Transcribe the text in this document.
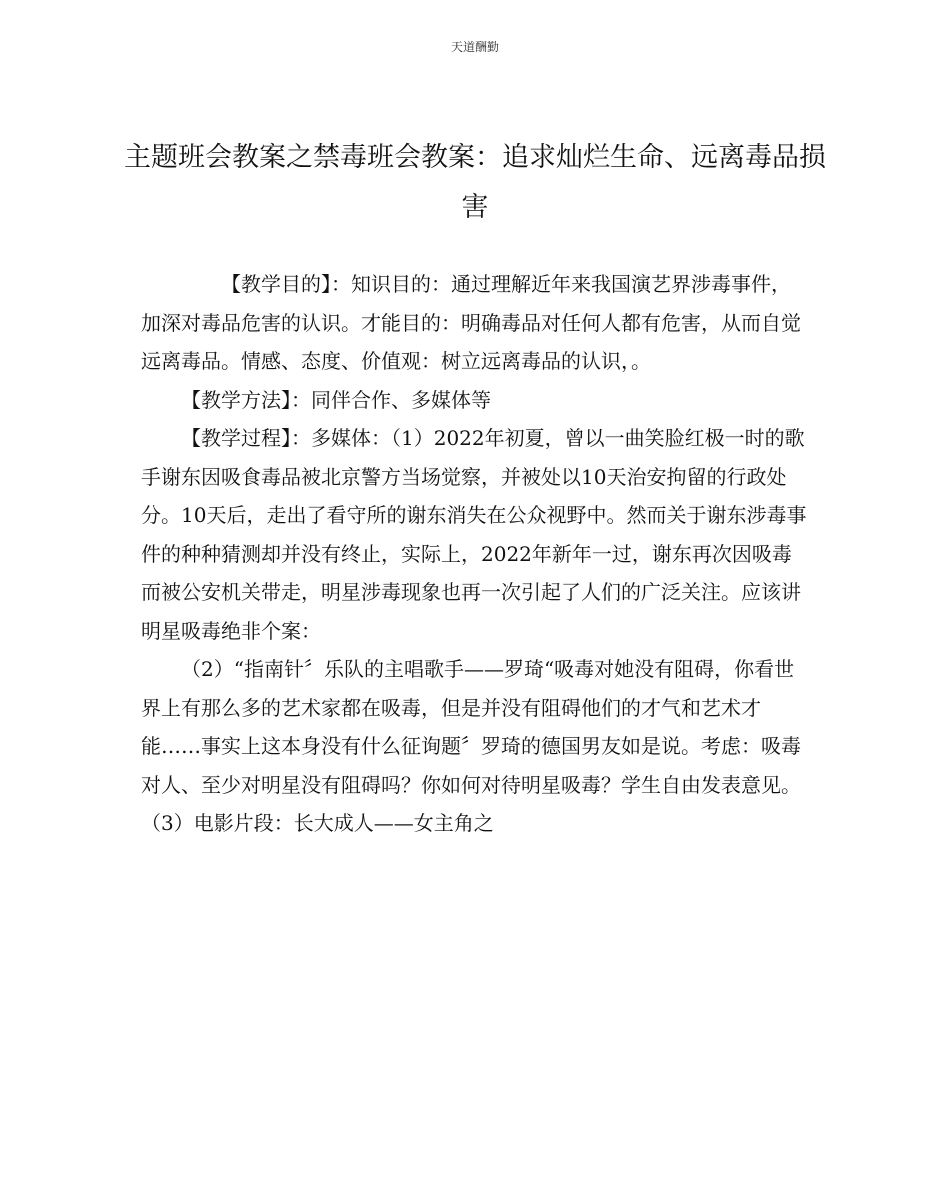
天道酬勤
主题班会教案之禁毒班会教案：追求灿烂生命、远离毒品损害

【教学目的】：知识目的：通过理解近年来我国演艺界涉毒事件，加深对毒品危害的认识。才能目的：明确毒品对任何人都有危害，从而自觉远离毒品。情感、态度、价值观：树立远离毒品的认识，。

【教学方法】：同伴合作、多媒体等

【教学过程】：多媒体：（1）2022年初夏，曾以一曲笑脸红极一时的歌手谢东因吸食毒品被北京警方当场觉察，并被处以10天治安拘留的行政处分。10天后，走出了看守所的谢东消失在公众视野中。然而关于谢东涉毒事件的种种猜测却并没有终止，实际上，2022年新年一过，谢东再次因吸毒而被公安机关带走，明星涉毒现象也再一次引起了人们的广泛关注。应该讲明星吸毒绝非个案：

（2）“指南针〞乐队的主唱歌手——罗琦“吸毒对她没有阻碍，你看世界上有那么多的艺术家都在吸毒，但是并没有阻碍他们的才气和艺术才能……事实上这本身没有什么征询题〞罗琦的德国男友如是说。考虑：吸毒对人、至少对明星没有阻碍吗？你如何对待明星吸毒？学生自由发表意见。　　（3）电影片段：长大成人——女主角之
